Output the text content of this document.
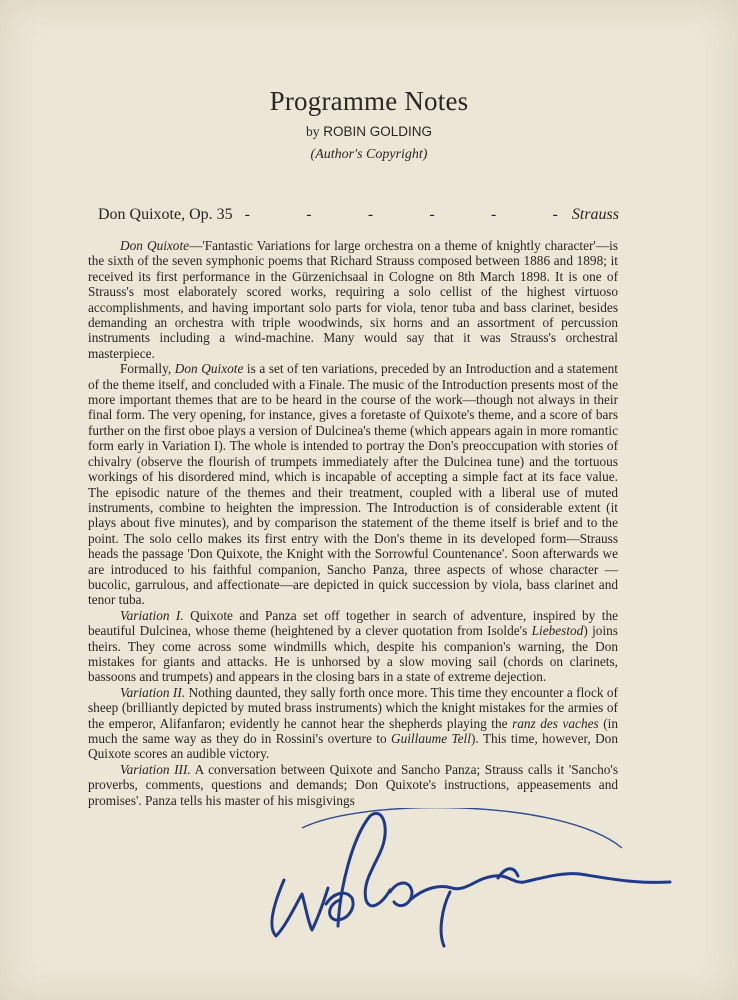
Programme Notes
by ROBIN GOLDING
(Author's Copyright)
Don Quixote, Op. 35 -	-	-	-	-	- Strauss

Don Quixote—'Fantastic Variations for large orchestra on a theme of knightly character'—is the sixth of the seven symphonic poems that Richard Strauss composed between 1886 and 1898; it received its first performance in the Gürzenichsaal in Cologne on 8th March 1898. It is one of Strauss's most elaborately scored works, requiring a solo cellist of the highest virtuoso accomplishments, and having important solo parts for viola, tenor tuba and bass clarinet, besides demanding an orchestra with triple woodwinds, six horns and an assortment of percussion instruments including a wind-machine. Many would say that it was Strauss's orchestral masterpiece.

Formally, Don Quixote is a set of ten variations, preceded by an Introduction and a statement of the theme itself, and concluded with a Finale. The music of the Introduction presents most of the more important themes that are to be heard in the course of the work—though not always in their final form. The very opening, for instance, gives a foretaste of Quixote's theme, and a score of bars further on the first oboe plays a version of Dulcinea's theme (which appears again in more romantic form early in Variation I). The whole is intended to portray the Don's preoccupation with stories of chivalry (observe the flourish of trumpets immediately after the Dulcinea tune) and the tortuous workings of his disordered mind, which is incapable of accepting a simple fact at its face value. The episodic nature of the themes and their treatment, coupled with a liberal use of muted instruments, combine to heighten the impression. The Introduction is of considerable extent (it plays about five minutes), and by comparison the statement of the theme itself is brief and to the point. The solo cello makes its first entry with the Don's theme in its developed form—Strauss heads the passage 'Don Quixote, the Knight with the Sorrowful Countenance'. Soon afterwards we are introduced to his faithful companion, Sancho Panza, three aspects of whose character —bucolic, garrulous, and affectionate—are depicted in quick succession by viola, bass clarinet and tenor tuba.

Variation I. Quixote and Panza set off together in search of adventure, inspired by the beautiful Dulcinea, whose theme (heightened by a clever quotation from Isolde's Liebestod) joins theirs. They come across some windmills which, despite his companion's warning, the Don mistakes for giants and attacks. He is unhorsed by a slow moving sail (chords on clarinets, bassoons and trumpets) and appears in the closing bars in a state of extreme dejection.

Variation II. Nothing daunted, they sally forth once more. This time they encounter a flock of sheep (brilliantly depicted by muted brass instruments) which the knight mistakes for the armies of the emperor, Alifanfaron; evidently he cannot hear the shepherds playing the ranz des vaches (in much the same way as they do in Rossini's overture to Guillaume Tell). This time, however, Don Quixote scores an audible victory.

Variation III. A conversation between Quixote and Sancho Panza; Strauss calls it 'Sancho's proverbs, comments, questions and demands; Don Quixote's instructions, appeasements and promises'. Panza tells his master of his misgivings
